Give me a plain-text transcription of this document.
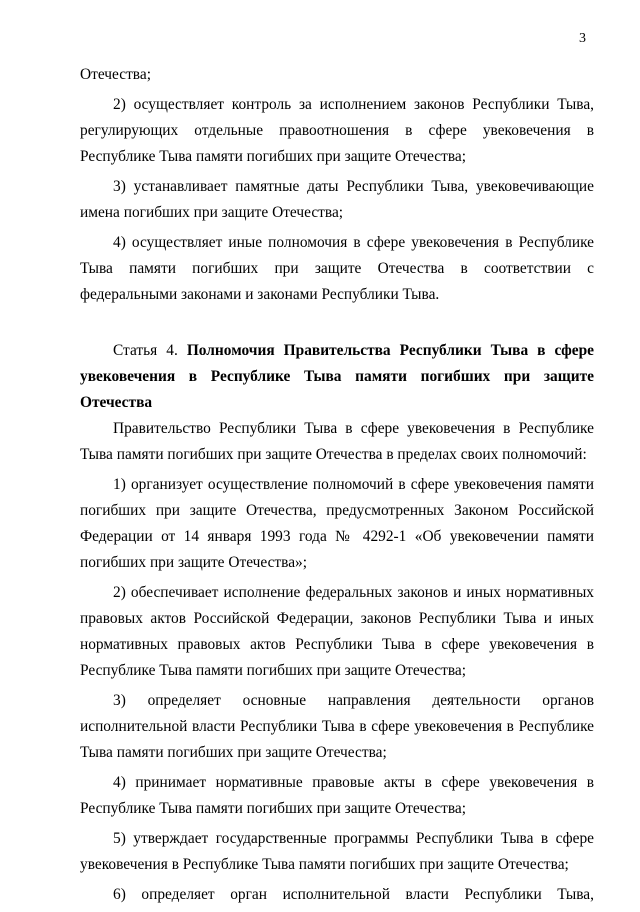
3

Отечества;

2) осуществляет контроль за исполнением законов Республики Тыва, регулирующих отдельные правоотношения в сфере увековечения в Республике Тыва памяти погибших при защите Отечества;

3) устанавливает памятные даты Республики Тыва, увековечивающие имена погибших при защите Отечества;

4) осуществляет иные полномочия в сфере увековечения в Республике Тыва памяти погибших при защите Отечества в соответствии с федеральными законами и законами Республики Тыва.

Статья 4. Полномочия Правительства Республики Тыва в сфере увековечения в Республике Тыва памяти погибших при защите Отечества

Правительство Республики Тыва в сфере увековечения в Республике Тыва памяти погибших при защите Отечества в пределах своих полномочий:

1) организует осуществление полномочий в сфере увековечения памяти погибших при защите Отечества, предусмотренных Законом Российской Федерации от 14 января 1993 года № 4292-1 «Об увековечении памяти погибших при защите Отечества»;

2) обеспечивает исполнение федеральных законов и иных нормативных правовых актов Российской Федерации, законов Республики Тыва и иных нормативных правовых актов Республики Тыва в сфере увековечения в Республике Тыва памяти погибших при защите Отечества;

3) определяет основные направления деятельности органов исполнительной власти Республики Тыва в сфере увековечения в Республике Тыва памяти погибших при защите Отечества;

4) принимает нормативные правовые акты в сфере увековечения в Республике Тыва памяти погибших при защите Отечества;

5) утверждает государственные программы Республики Тыва в сфере увековечения в Республике Тыва памяти погибших при защите Отечества;

6) определяет орган исполнительной власти Республики Тыва,
